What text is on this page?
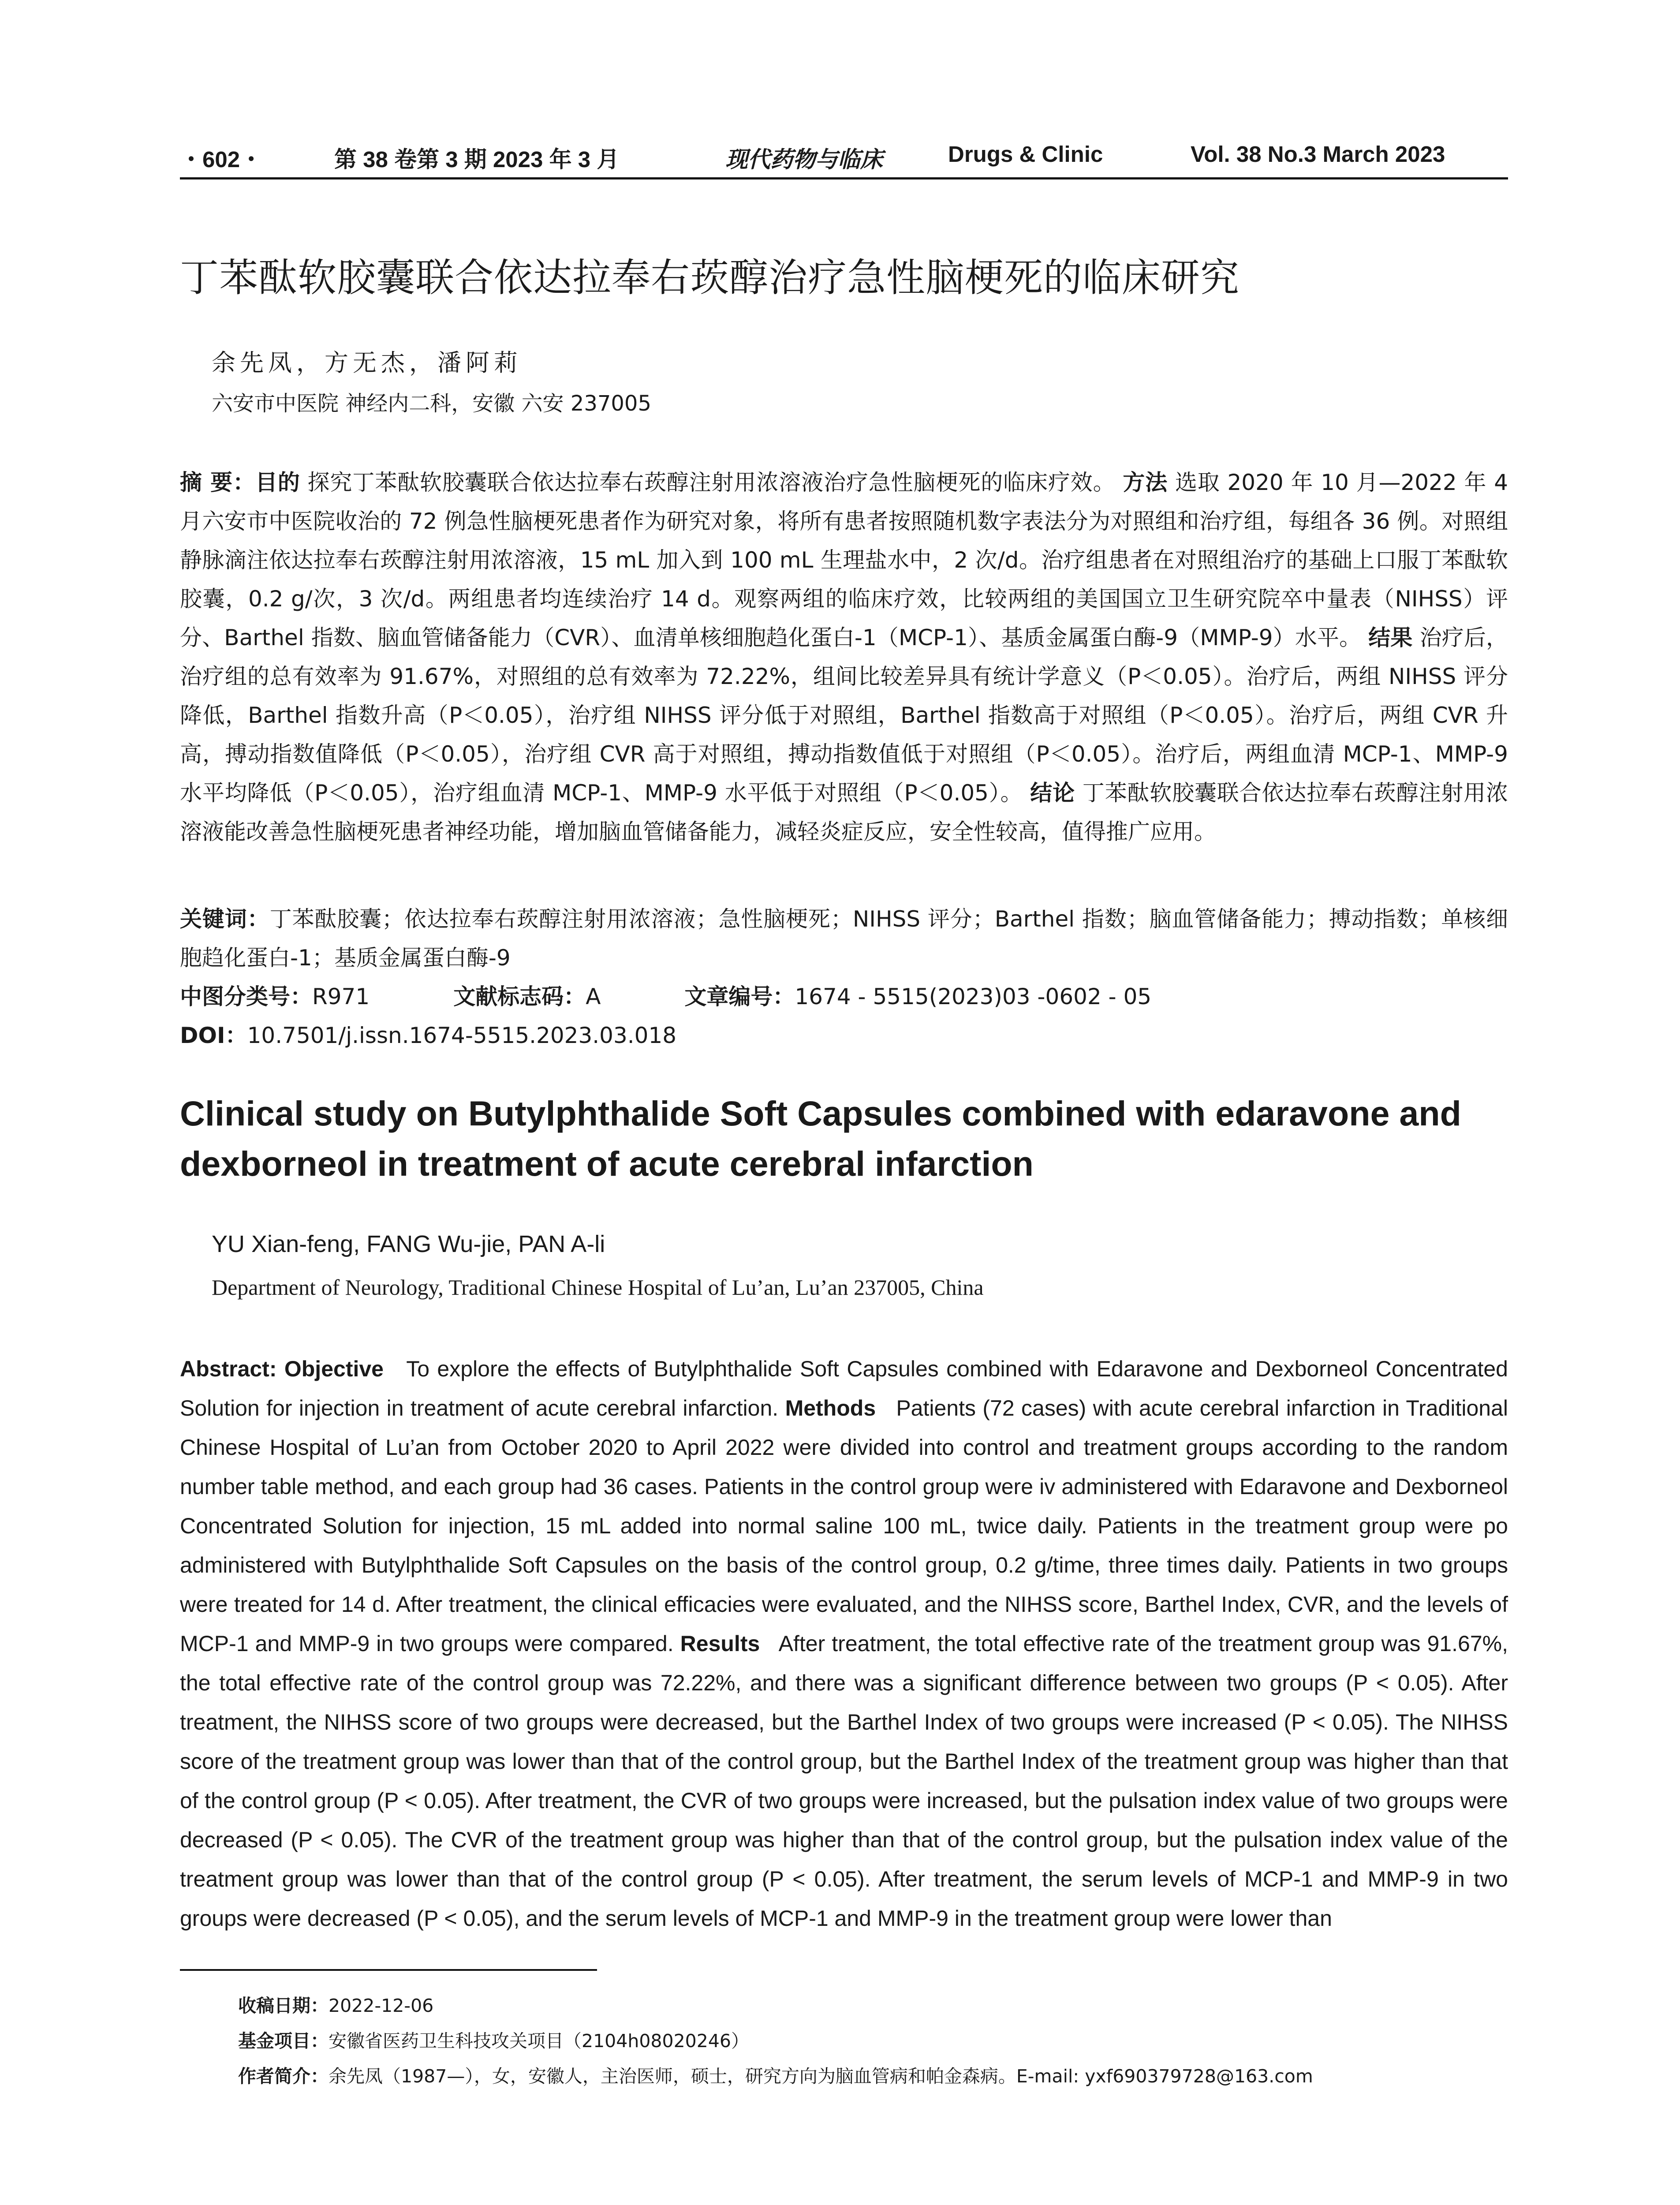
・602・	第 38 卷第 3 期 2023 年 3 月	现代药物与临床	Drugs & Clinic	Vol. 38 No.3 March 2023
丁苯酞软胶囊联合依达拉奉右莰醇治疗急性脑梗死的临床研究
余先凤，方无杰，潘阿莉
六安市中医院 神经内二科，安徽 六安 237005

摘 要：目的 探究丁苯酞软胶囊联合依达拉奉右莰醇注射用浓溶液治疗急性脑梗死的临床疗效。 方法 选取 2020 年 10 月—2022 年 4 月六安市中医院收治的 72 例急性脑梗死患者作为研究对象，将所有患者按照随机数字表法分为对照组和治疗组，每组各 36 例。对照组静脉滴注依达拉奉右莰醇注射用浓溶液，15 mL 加入到 100 mL 生理盐水中，2 次/d。治疗组患者在对照组治疗的基础上口服丁苯酞软胶囊，0.2 g/次，3 次/d。两组患者均连续治疗 14 d。观察两组的临床疗效，比较两组的美国国立卫生研究院卒中量表（NIHSS）评分、Barthel 指数、脑血管储备能力（CVR）、血清单核细胞趋化蛋白-1（MCP-1）、基质金属蛋白酶-9（MMP-9）水平。 结果 治疗后，治疗组的总有效率为 91.67%，对照组的总有效率为 72.22%，组间比较差异具有统计学意义（P＜0.05）。治疗后，两组 NIHSS 评分降低，Barthel 指数升高（P＜0.05），治疗组 NIHSS 评分低于对照组，Barthel 指数高于对照组（P＜0.05）。治疗后，两组 CVR 升高，搏动指数值降低（P＜0.05），治疗组 CVR 高于对照组，搏动指数值低于对照组（P＜0.05）。治疗后，两组血清 MCP-1、MMP-9 水平均降低（P＜0.05），治疗组血清 MCP-1、MMP-9 水平低于对照组（P＜0.05）。 结论 丁苯酞软胶囊联合依达拉奉右莰醇注射用浓溶液能改善急性脑梗死患者神经功能，增加脑血管储备能力，减轻炎症反应，安全性较高，值得推广应用。

关键词：丁苯酞胶囊；依达拉奉右莰醇注射用浓溶液；急性脑梗死；NIHSS 评分；Barthel 指数；脑血管储备能力；搏动指数；单核细胞趋化蛋白-1；基质金属蛋白酶-9

中图分类号：R971	文献标志码：A	文章编号：1674 - 5515(2023)03 -0602 - 05

DOI：10.7501/j.issn.1674-5515.2023.03.018

Clinical study on Butylphthalide Soft Capsules combined with edaravone and dexborneol in treatment of acute cerebral infarction
YU Xian-feng, FANG Wu-jie, PAN A-li
Department of Neurology, Traditional Chinese Hospital of Lu’an, Lu’an 237005, China

Abstract: Objective To explore the effects of Butylphthalide Soft Capsules combined with Edaravone and Dexborneol Concentrated Solution for injection in treatment of acute cerebral infarction. Methods Patients (72 cases) with acute cerebral infarction in Traditional Chinese Hospital of Lu’an from October 2020 to April 2022 were divided into control and treatment groups according to the random number table method, and each group had 36 cases. Patients in the control group were iv administered with Edaravone and Dexborneol Concentrated Solution for injection, 15 mL added into normal saline 100 mL, twice daily. Patients in the treatment group were po administered with Butylphthalide Soft Capsules on the basis of the control group, 0.2 g/time, three times daily. Patients in two groups were treated for 14 d. After treatment, the clinical efficacies were evaluated, and the NIHSS score, Barthel Index, CVR, and the levels of MCP-1 and MMP-9 in two groups were compared. Results After treatment, the total effective rate of the treatment group was 91.67%, the total effective rate of the control group was 72.22%, and there was a significant difference between two groups (P < 0.05). After treatment, the NIHSS score of two groups were decreased, but the Barthel Index of two groups were increased (P < 0.05). The NIHSS score of the treatment group was lower than that of the control group, but the Barthel Index of the treatment group was higher than that of the control group (P < 0.05). After treatment, the CVR of two groups were increased, but the pulsation index value of two groups were decreased (P < 0.05). The CVR of the treatment group was higher than that of the control group, but the pulsation index value of the treatment group was lower than that of the control group (P < 0.05). After treatment, the serum levels of MCP-1 and MMP-9 in two groups were decreased (P < 0.05), and the serum levels of MCP-1 and MMP-9 in the treatment group were lower than

收稿日期：2022-12-06
基金项目：安徽省医药卫生科技攻关项目（2104h08020246）
作者简介：余先凤（1987—），女，安徽人，主治医师，硕士，研究方向为脑血管病和帕金森病。E-mail: yxf690379728@163.com
